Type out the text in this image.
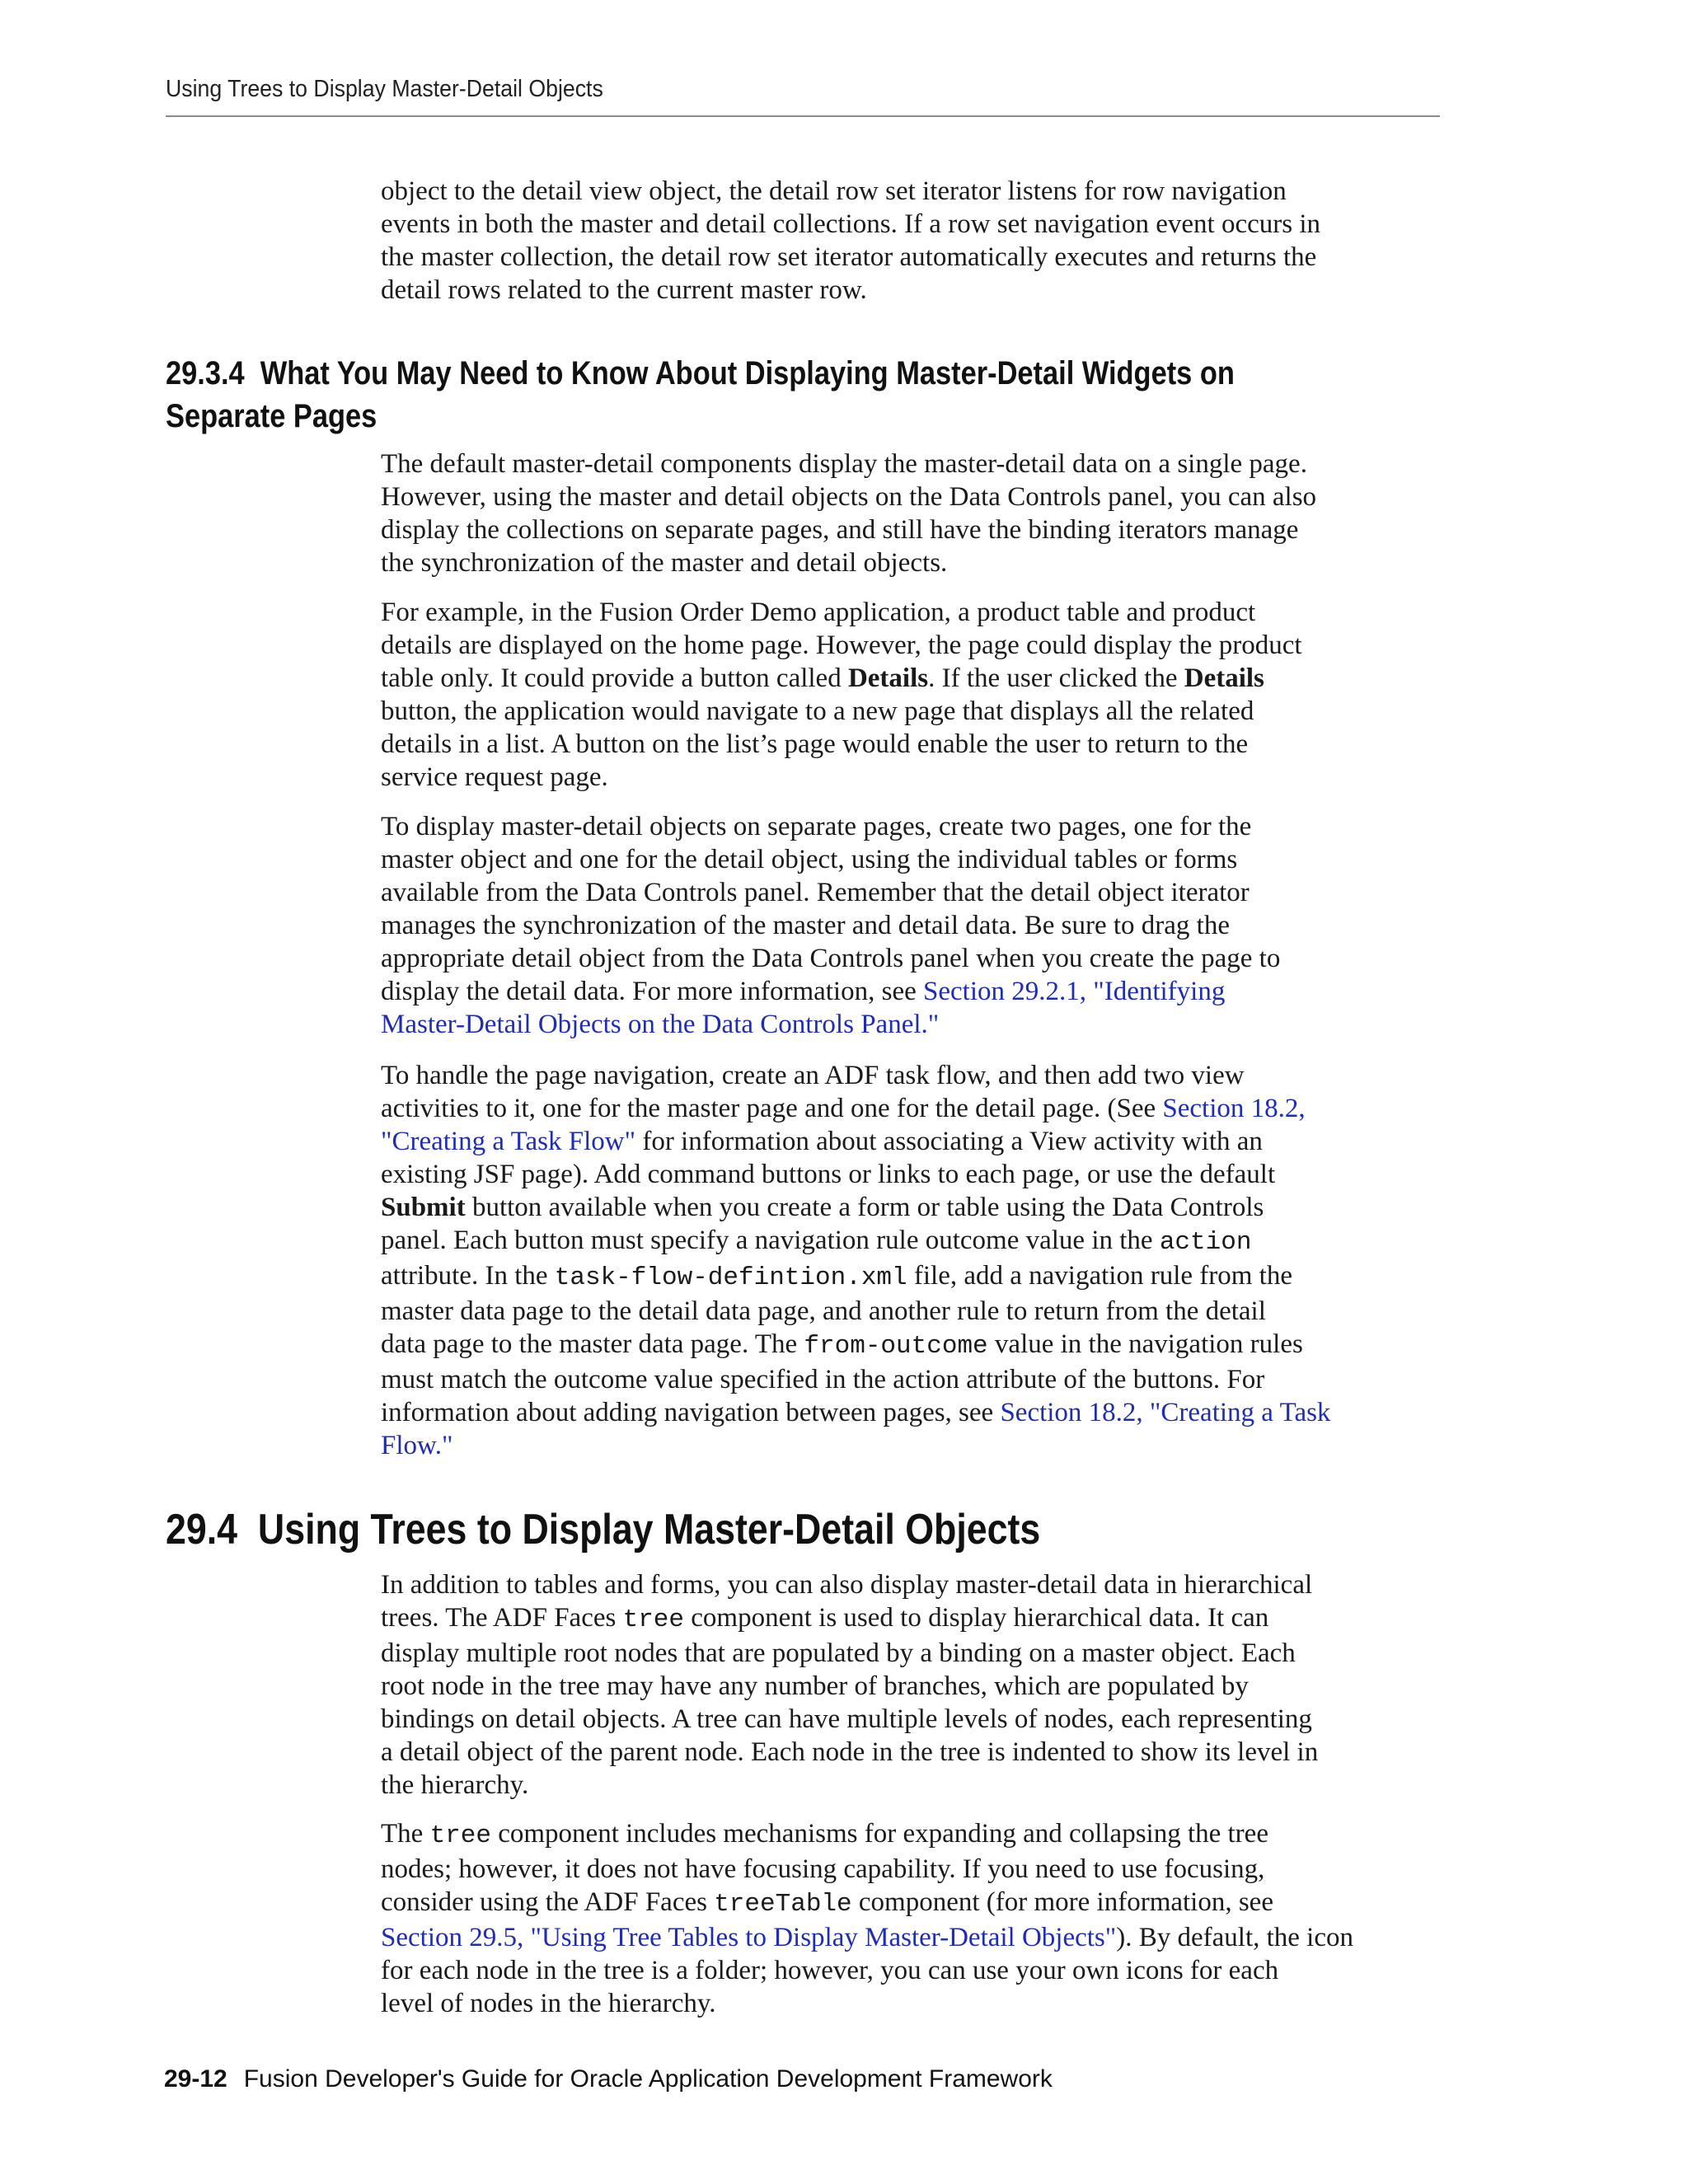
Using Trees to Display Master-Detail Objects

object to the detail view object, the detail row set iterator listens for row navigation
events in both the master and detail collections. If a row set navigation event occurs in
the master collection, the detail row set iterator automatically executes and returns the
detail rows related to the current master row.

29.3.4 What You May Need to Know About Displaying Master-Detail Widgets on
Separate Pages

The default master-detail components display the master-detail data on a single page.
However, using the master and detail objects on the Data Controls panel, you can also
display the collections on separate pages, and still have the binding iterators manage
the synchronization of the master and detail objects.

For example, in the Fusion Order Demo application, a product table and product
details are displayed on the home page. However, the page could display the product
table only. It could provide a button called Details. If the user clicked the Details
button, the application would navigate to a new page that displays all the related
details in a list. A button on the list’s page would enable the user to return to the
service request page.

To display master-detail objects on separate pages, create two pages, one for the
master object and one for the detail object, using the individual tables or forms
available from the Data Controls panel. Remember that the detail object iterator
manages the synchronization of the master and detail data. Be sure to drag the
appropriate detail object from the Data Controls panel when you create the page to
display the detail data. For more information, see Section 29.2.1, "Identifying
Master-Detail Objects on the Data Controls Panel."

To handle the page navigation, create an ADF task flow, and then add two view
activities to it, one for the master page and one for the detail page. (See Section 18.2,
"Creating a Task Flow" for information about associating a View activity with an
existing JSF page). Add command buttons or links to each page, or use the default
Submit button available when you create a form or table using the Data Controls
panel. Each button must specify a navigation rule outcome value in the action
attribute. In the task-flow-defintion.xml file, add a navigation rule from the
master data page to the detail data page, and another rule to return from the detail
data page to the master data page. The from-outcome value in the navigation rules
must match the outcome value specified in the action attribute of the buttons. For
information about adding navigation between pages, see Section 18.2, "Creating a Task
Flow."

29.4 Using Trees to Display Master-Detail Objects

In addition to tables and forms, you can also display master-detail data in hierarchical
trees. The ADF Faces tree component is used to display hierarchical data. It can
display multiple root nodes that are populated by a binding on a master object. Each
root node in the tree may have any number of branches, which are populated by
bindings on detail objects. A tree can have multiple levels of nodes, each representing
a detail object of the parent node. Each node in the tree is indented to show its level in
the hierarchy.

The tree component includes mechanisms for expanding and collapsing the tree
nodes; however, it does not have focusing capability. If you need to use focusing,
consider using the ADF Faces treeTable component (for more information, see
Section 29.5, "Using Tree Tables to Display Master-Detail Objects"). By default, the icon
for each node in the tree is a folder; however, you can use your own icons for each
level of nodes in the hierarchy.

29-12 Fusion Developer's Guide for Oracle Application Development Framework
